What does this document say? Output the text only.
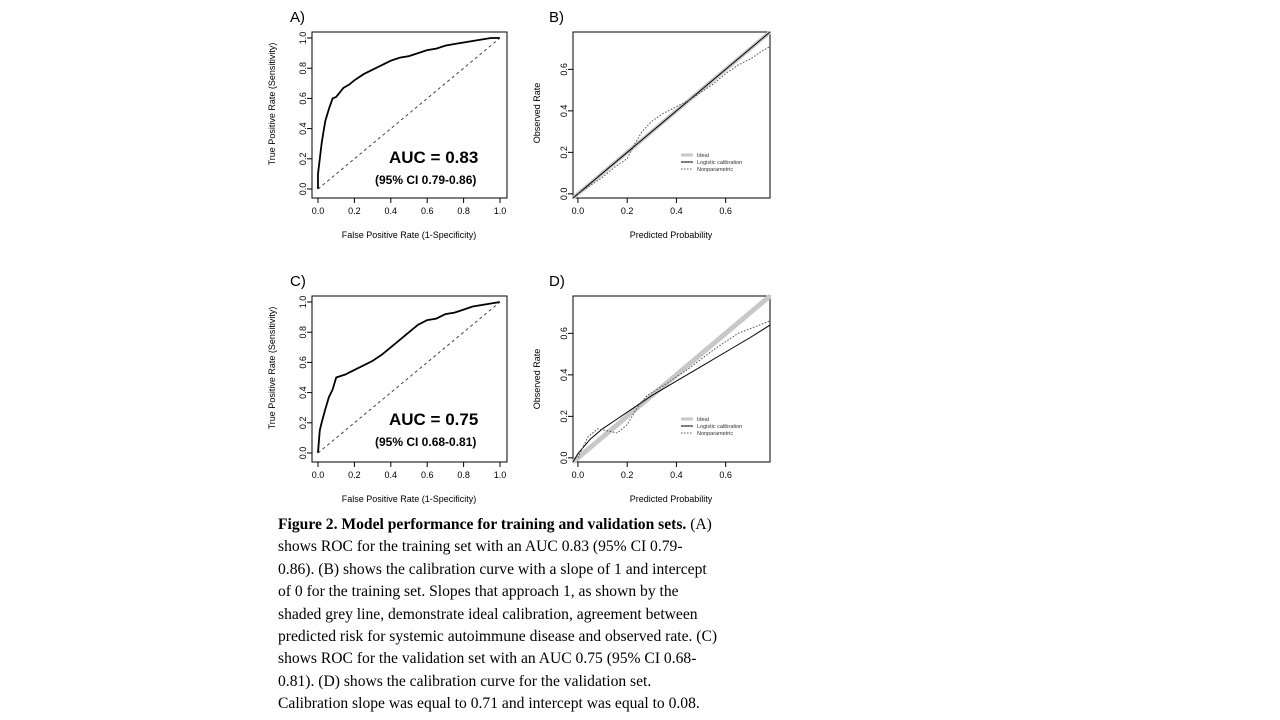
A)
0.0	0.2	0.4	0.6	0.8	1.0
0.0
0.2
0.4
0.6
0.8
1.0
AUC = 0.83
(95% CI 0.79-0.86)
False Positive Rate (1-Specificity)
True Positive Rate (Sensitivity)
B)
0.0	0.2	0.4	0.6
0.0
0.2
0.4
0.6
Ideal
Logistic calibration
Nonparametric
Predicted Probability
Observed Rate
C)
0.0	0.2	0.4	0.6	0.8	1.0
0.0
0.2
0.4
0.6
0.8
1.0
AUC = 0.75
(95% CI 0.68-0.81)
False Positive Rate (1-Specificity)
True Positive Rate (Sensitivity)
D)
0.0	0.2	0.4	0.6
0.0
0.2
0.4
0.6
Ideal
Logistic calibration
Nonparametric
Predicted Probability
Observed Rate
Figure 2. Model performance for training and validation sets. (A)
shows ROC for the training set with an AUC 0.83 (95% CI 0.79-
0.86). (B) shows the calibration curve with a slope of 1 and intercept
of 0 for the training set. Slopes that approach 1, as shown by the
shaded grey line, demonstrate ideal calibration, agreement between
predicted risk for systemic autoimmune disease and observed rate. (C)
shows ROC for the validation set with an AUC 0.75 (95% CI 0.68-
0.81). (D) shows the calibration curve for the validation set.
Calibration slope was equal to 0.71 and intercept was equal to 0.08.
